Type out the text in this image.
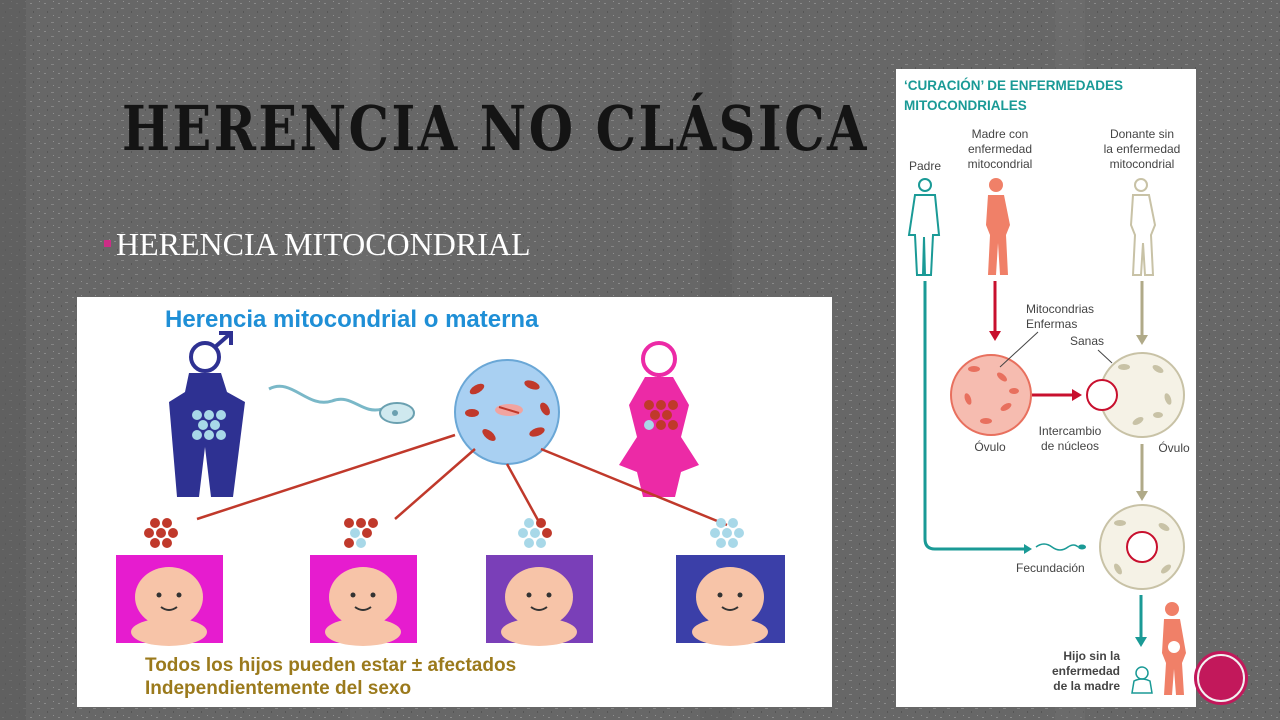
HERENCIA NO CLÁSICA
HERENCIA MITOCONDRIAL
Herencia mitocondrial o materna
Todos los hijos pueden estar ± afectados
Independientemente del sexo
‘CURACIÓN’ DE ENFERMEDADES
MITOCONDRIALES
Padre
Madre con
enfermedad
mitocondrial
Donante sin
la enfermedad
mitocondrial
Mitocondrias
Enfermas
Sanas
Óvulo	Óvulo
Intercambio
de núcleos
Fecundación
Hijo sin la
enfermedad
de la madre
